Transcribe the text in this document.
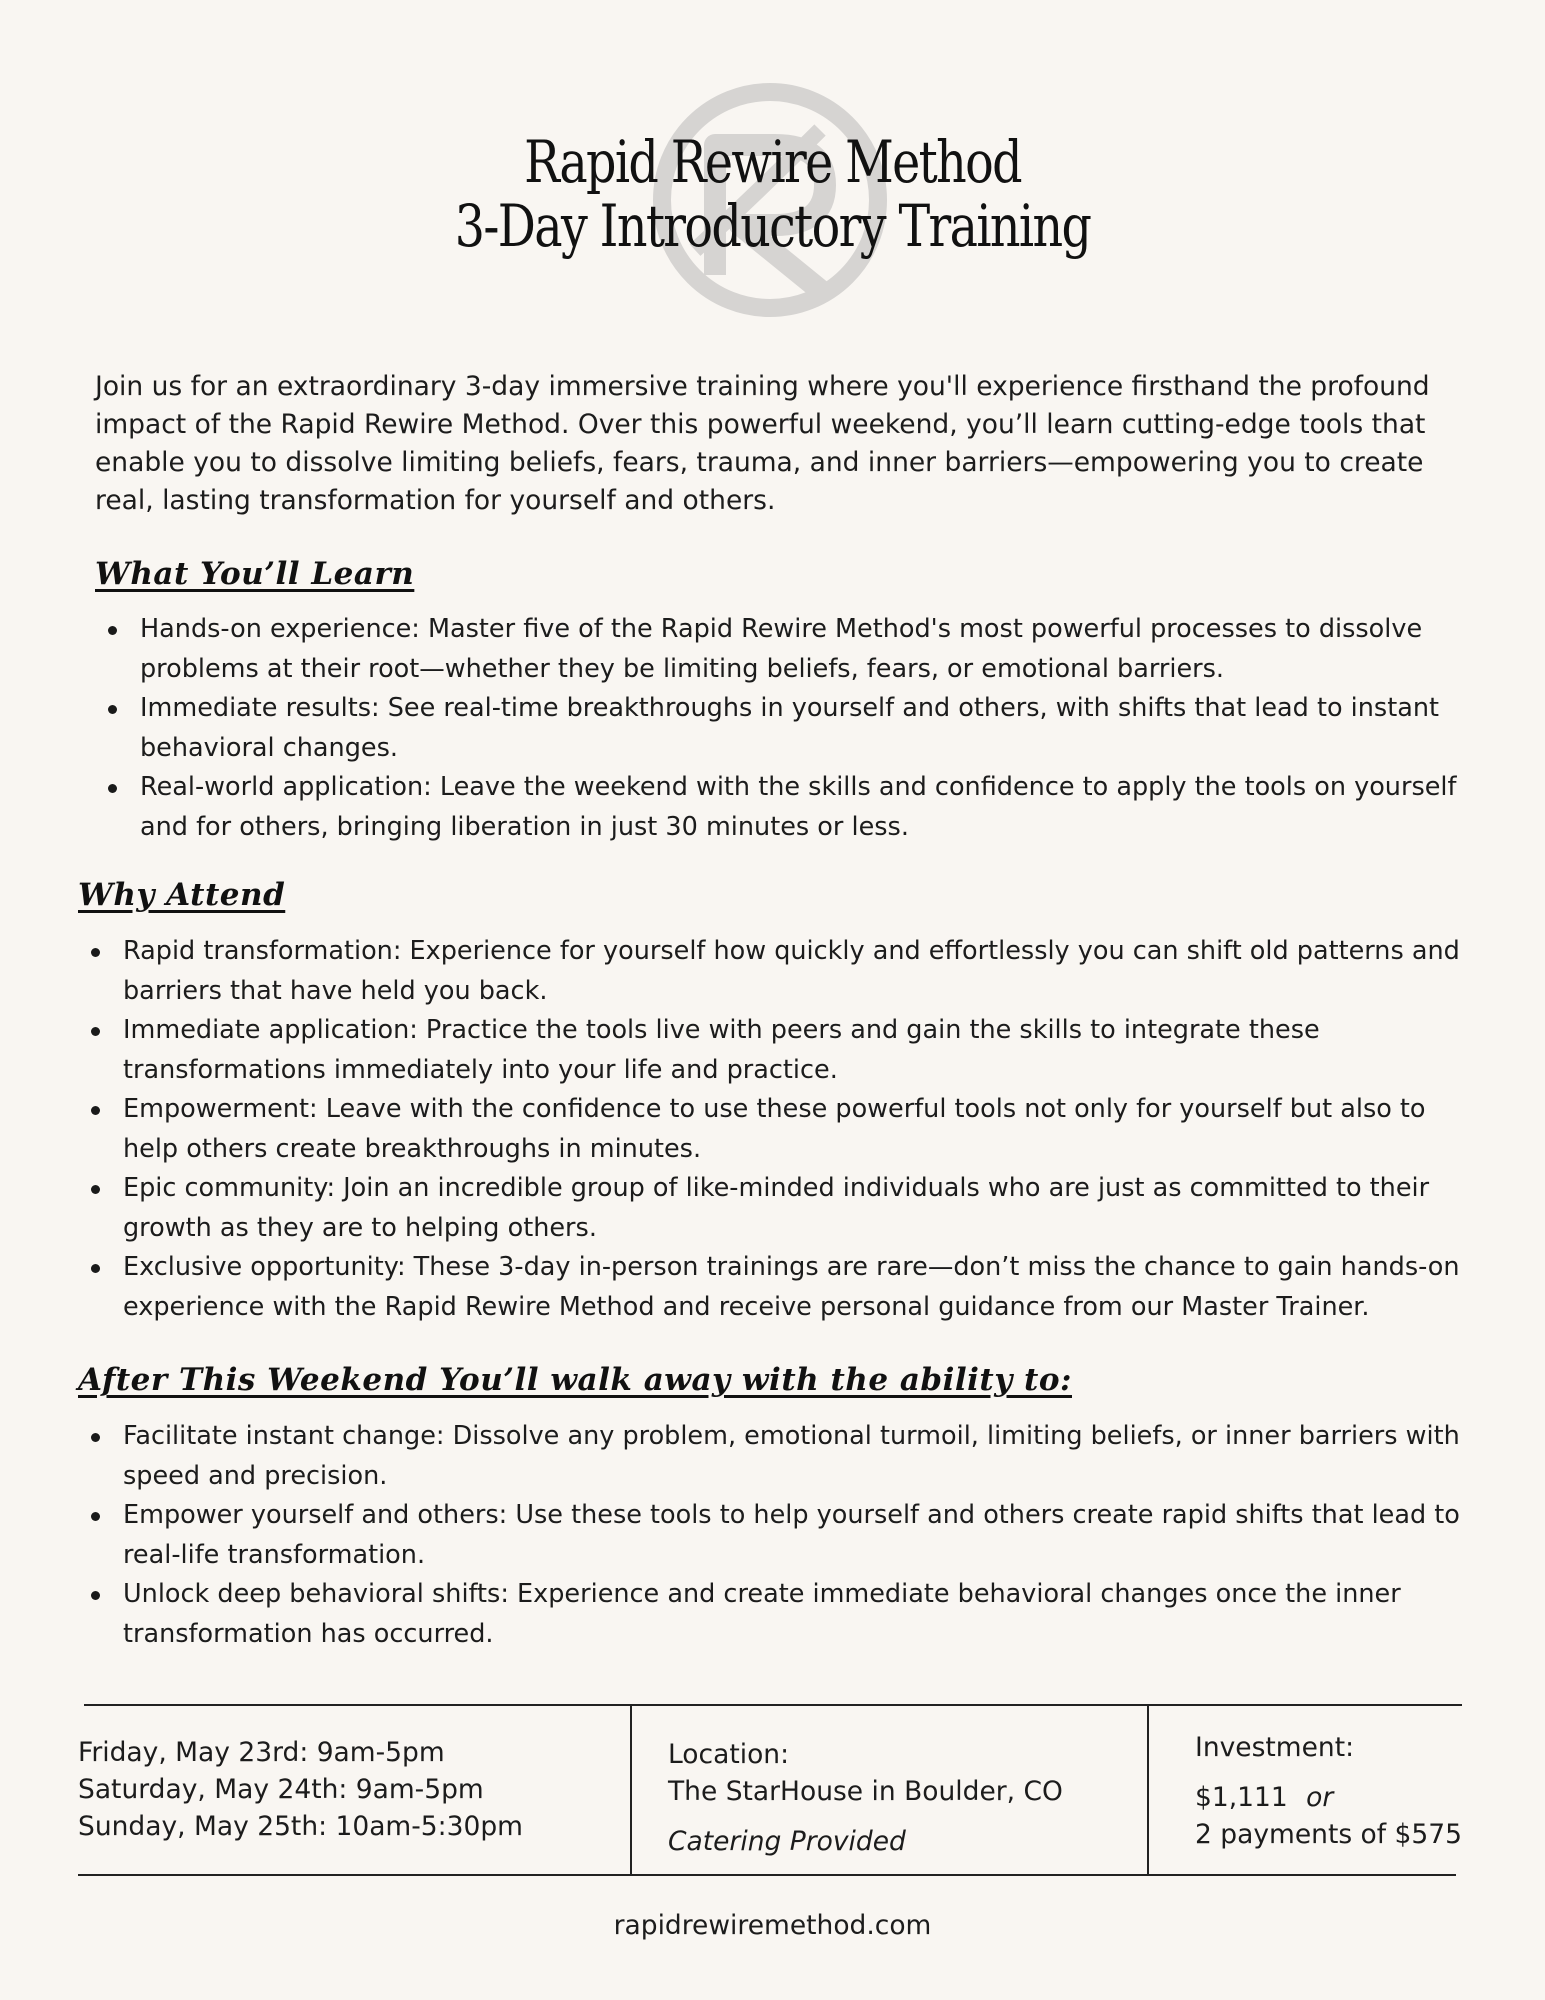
Rapid Rewire Method
3-Day Introductory Training
Join us for an extraordinary 3-day immersive training where you'll experience firsthand the profound impact of the Rapid Rewire Method. Over this powerful weekend, you’ll learn cutting-edge tools that enable you to dissolve limiting beliefs, fears, trauma, and inner barriers—empowering you to create real, lasting transformation for yourself and others.
What You’ll Learn
Hands-on experience: Master five of the Rapid Rewire Method's most powerful processes to dissolve problems at their root—whether they be limiting beliefs, fears, or emotional barriers.
Immediate results: See real-time breakthroughs in yourself and others, with shifts that lead to instant behavioral changes.
Real-world application: Leave the weekend with the skills and confidence to apply the tools on yourself and for others, bringing liberation in just 30 minutes or less.
Why Attend
Rapid transformation: Experience for yourself how quickly and effortlessly you can shift old patterns and barriers that have held you back.
Immediate application: Practice the tools live with peers and gain the skills to integrate these transformations immediately into your life and practice.
Empowerment: Leave with the confidence to use these powerful tools not only for yourself but also to help others create breakthroughs in minutes.
Epic community: Join an incredible group of like-minded individuals who are just as committed to their growth as they are to helping others.
Exclusive opportunity: These 3-day in-person trainings are rare—don’t miss the chance to gain hands-on experience with the Rapid Rewire Method and receive personal guidance from our Master Trainer.
After This Weekend You’ll walk away with the ability to:
Facilitate instant change: Dissolve any problem, emotional turmoil, limiting beliefs, or inner barriers with speed and precision.
Empower yourself and others: Use these tools to help yourself and others create rapid shifts that lead to real-life transformation.
Unlock deep behavioral shifts: Experience and create immediate behavioral changes once the inner transformation has occurred.
Friday, May 23rd: 9am-5pm
Saturday, May 24th: 9am-5pm
Sunday, May 25th: 10am-5:30pm
Location:
The StarHouse in Boulder, CO
Catering Provided
Investment:
$1,111 or
2 payments of $575
rapidrewiremethod.com
